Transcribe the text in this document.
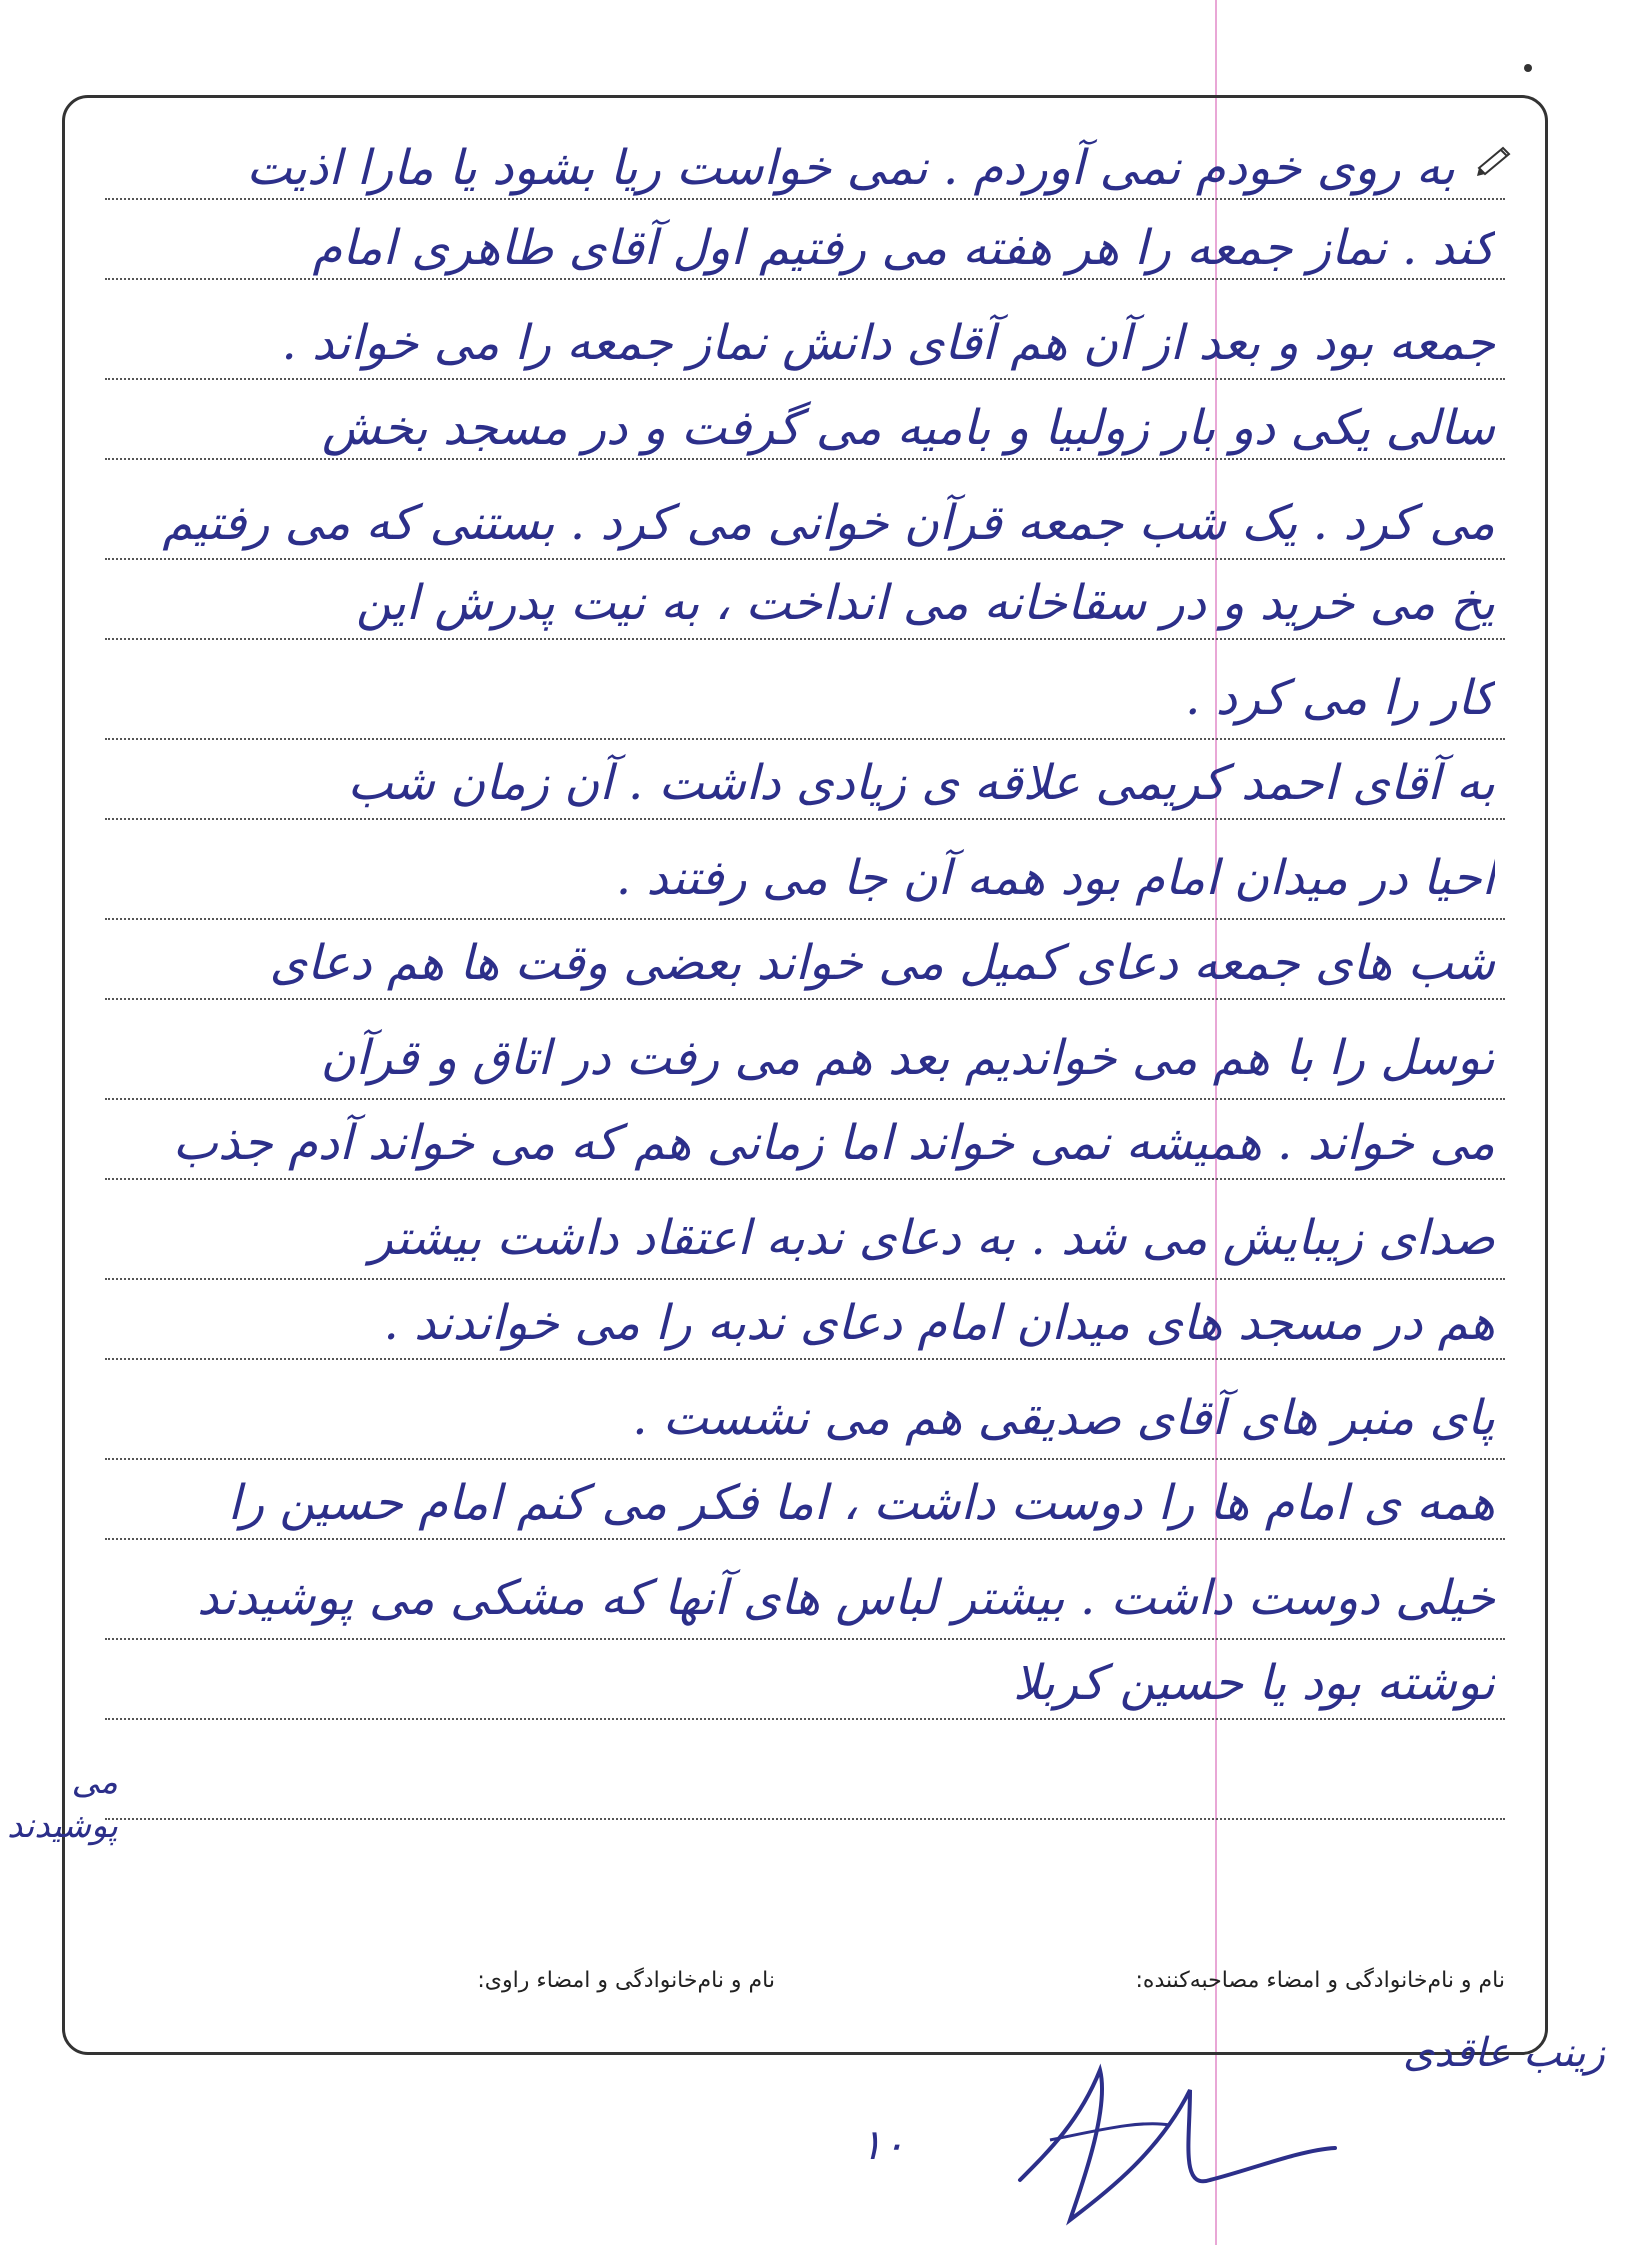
به روی خودم نمی آوردم . نمی خواست ریا بشود یا مارا اذیت
کند . نماز جمعه را هر هفته می رفتیم اول آقای طاهری امام
جمعه بود و بعد از آن هم آقای دانش نماز جمعه را می خواند .
سالی یکی دو بار زولبیا و بامیه می گرفت و در مسجد بخش
می کرد . یک شب جمعه قرآن خوانی می کرد . بستنی که می رفتیم
یخ می خرید و در سقاخانه می انداخت ، به نیت پدرش این
کار را می کرد .
به آقای احمد کریمی علاقه ی زیادی داشت . آن زمان شب
احیا در میدان امام بود همه آن جا می رفتند .
شب های جمعه دعای کمیل می خواند بعضی وقت ها هم دعای
توسل را با هم می خواندیم بعد هم می رفت در اتاق و قرآن
می خواند . همیشه نمی خواند اما زمانی هم که می خواند آدم جذب
صدای زیبایش می شد . به دعای ندبه اعتقاد داشت بیشتر
هم در مسجد های میدان امام دعای ندبه را می خواندند .
پای منبر های آقای صدیقی هم می نشست .
همه ی امام ها را دوست داشت ، اما فکر می کنم امام حسین را
خیلی دوست داشت . بیشتر لباس های آنها که مشکی می پوشیدند
نوشته بود یا حسین کربلا
نام و نام‌خانوادگی و امضاء مصاحبه‌کننده:
نام و نام‌خانوادگی و امضاء راوی:
می پوشیدند
زینب عاقدی
۱۰
